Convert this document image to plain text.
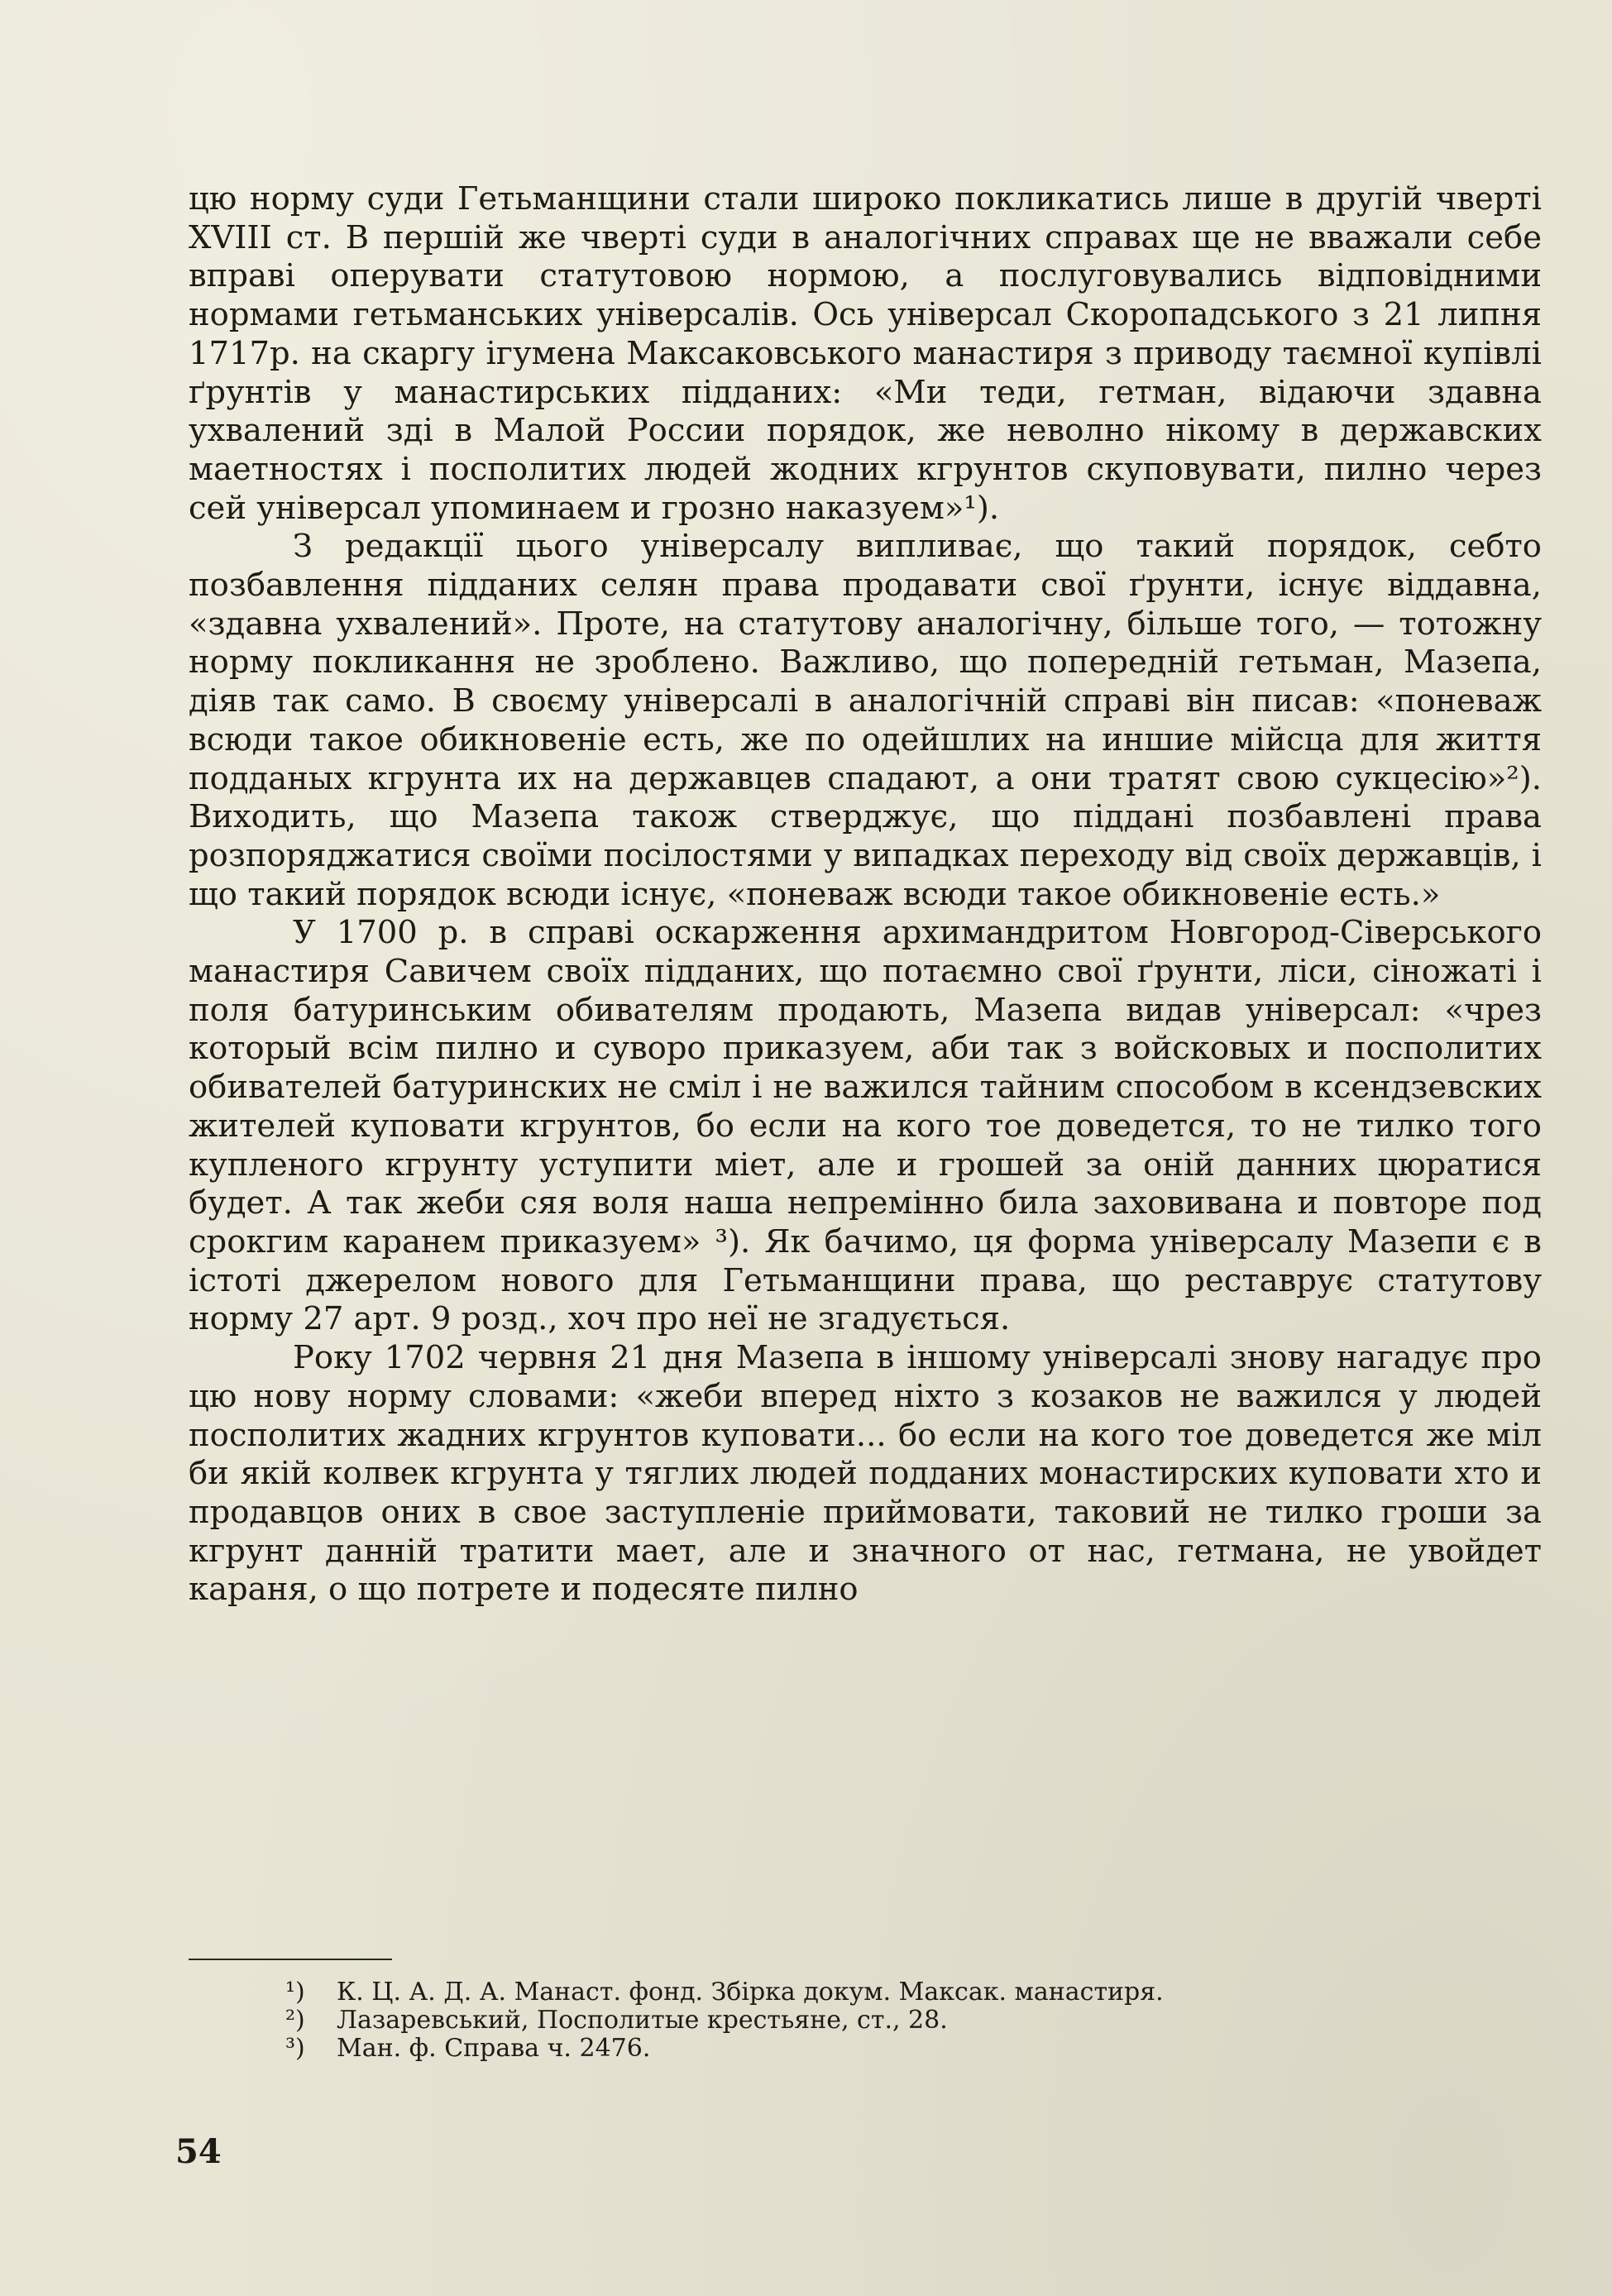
цю норму суди Гетьманщини стали широко покликатись лише в другій чверті XVIII ст. В першій же чверті суди в аналогічних справах ще не вважали себе вправі оперувати статутовою нормою, а послуговувались відповідними нормами гетьманських універсалів. Ось універсал Скоропадського з 21 липня 1717р. на скаргу ігумена Максаковського манастиря з приводу таємної купівлі ґрунтів у манастирських підданих: «Ми теди, гетман, відаючи здавна ухвалений зді в Малой России порядок, же неволно нікому в державских маетностях і посполитих людей жодних кгрунтов скуповувати, пилно через сей універсал упоминаем и грозно наказуем»¹).

З редакції цього універсалу випливає, що такий порядок, себто позбавлення підданих селян права продавати свої ґрунти, існує віддавна, «здавна ухвалений». Проте, на статутову аналогічну, більше того, — тотожну норму покликання не зроблено. Важливо, що попередній гетьман, Мазепа, діяв так само. В своєму універсалі в аналогічній справі він писав: «поневаж всюди такое обикновеніе есть, же по одейшлих на иншие мійсца для життя подданых кгрунта их на державцев спадают, а они тратят свою сукцесію»²). Виходить, що Мазепа також стверджує, що піддані позбавлені права розпоряджатися своїми посілостями у випадках переходу від своїх державців, і що такий порядок всюди існує, «поневаж всюди такое обикновеніе есть.»

У 1700 р. в справі оскарження архимандритом Новгород-Сіверського манастиря Савичем своїх підданих, що потаємно свої ґрунти, ліси, сіножаті і поля батуринським обивателям продають, Мазепа видав універсал: «чрез который всім пилно и суворо приказуем, аби так з войсковых и посполитих обивателей батуринских не сміл і не важился тайним способом в ксендзевских жителей куповати кгрунтов, бо если на кого тое доведется, то не тилко того купленого кгрунту уступити міет, але и грошей за оній данних цюратися будет. А так жеби сяя воля наша непремінно била заховивана и повторе под срокгим каранем приказуем» ³). Як бачимо, ця форма універсалу Мазепи є в істоті джерелом нового для Гетьманщини права, що реставрує статутову норму 27 арт. 9 розд., хоч про неї не згадується.

Року 1702 червня 21 дня Мазепа в іншому універсалі знову нагадує про цю нову норму словами: «жеби вперед ніхто з козаков не важился у людей посполитих жадних кгрунтов куповати... бо если на кого тое доведется же міл би якій колвек кгрунта у тяглих людей подданих монастирских куповати хто и продавцов оних в свое заступленіе приймовати, таковий не тилко гроши за кгрунт данній тратити мает, але и значного от нас, гетмана, не увойдет караня, о що потрете и подесяте пилно

¹) К. Ц. А. Д. А. Манаст. фонд. Збірка докум. Максак. манастиря.
²) Лазаревський, Посполитые крестьяне, ст., 28.
³) Ман. ф. Справа ч. 2476.
54
